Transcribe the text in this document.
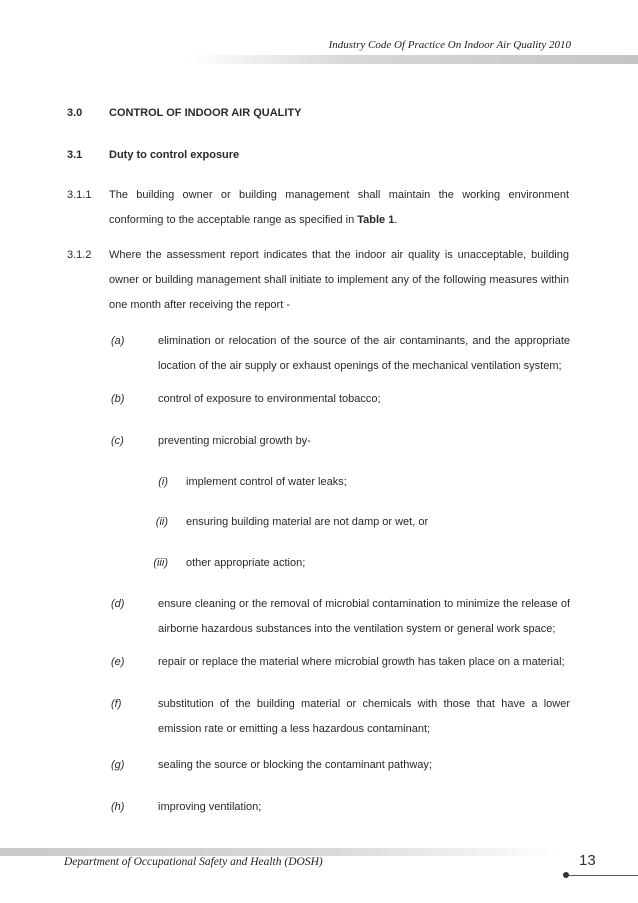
Industry Code Of Practice On Indoor Air Quality 2010
3.0 CONTROL OF INDOOR AIR QUALITY
3.1 Duty to control exposure
3.1.1 The building owner or building management shall maintain the working environment conforming to the acceptable range as specified in Table 1.
3.1.2 Where the assessment report indicates that the indoor air quality is unacceptable, building owner or building management shall initiate to implement any of the following measures within one month after receiving the report -
(a)	elimination or relocation of the source of the air contaminants, and the appropriate location of the air supply or exhaust openings of the mechanical ventilation system;
(b)	control of exposure to environmental tobacco;
(c)	preventing microbial growth by-
(i) implement control of water leaks;
(ii) ensuring building material are not damp or wet, or
(iii) other appropriate action;
(d)	ensure cleaning or the removal of microbial contamination to minimize the release of airborne hazardous substances into the ventilation system or general work space;
(e)	repair or replace the material where microbial growth has taken place on a material;
(f)	substitution of the building material or chemicals with those that have a lower emission rate or emitting a less hazardous contaminant;
(g)	sealing the source or blocking the contaminant pathway;
(h)	improving ventilation;
Department of Occupational Safety and Health (DOSH)	13
